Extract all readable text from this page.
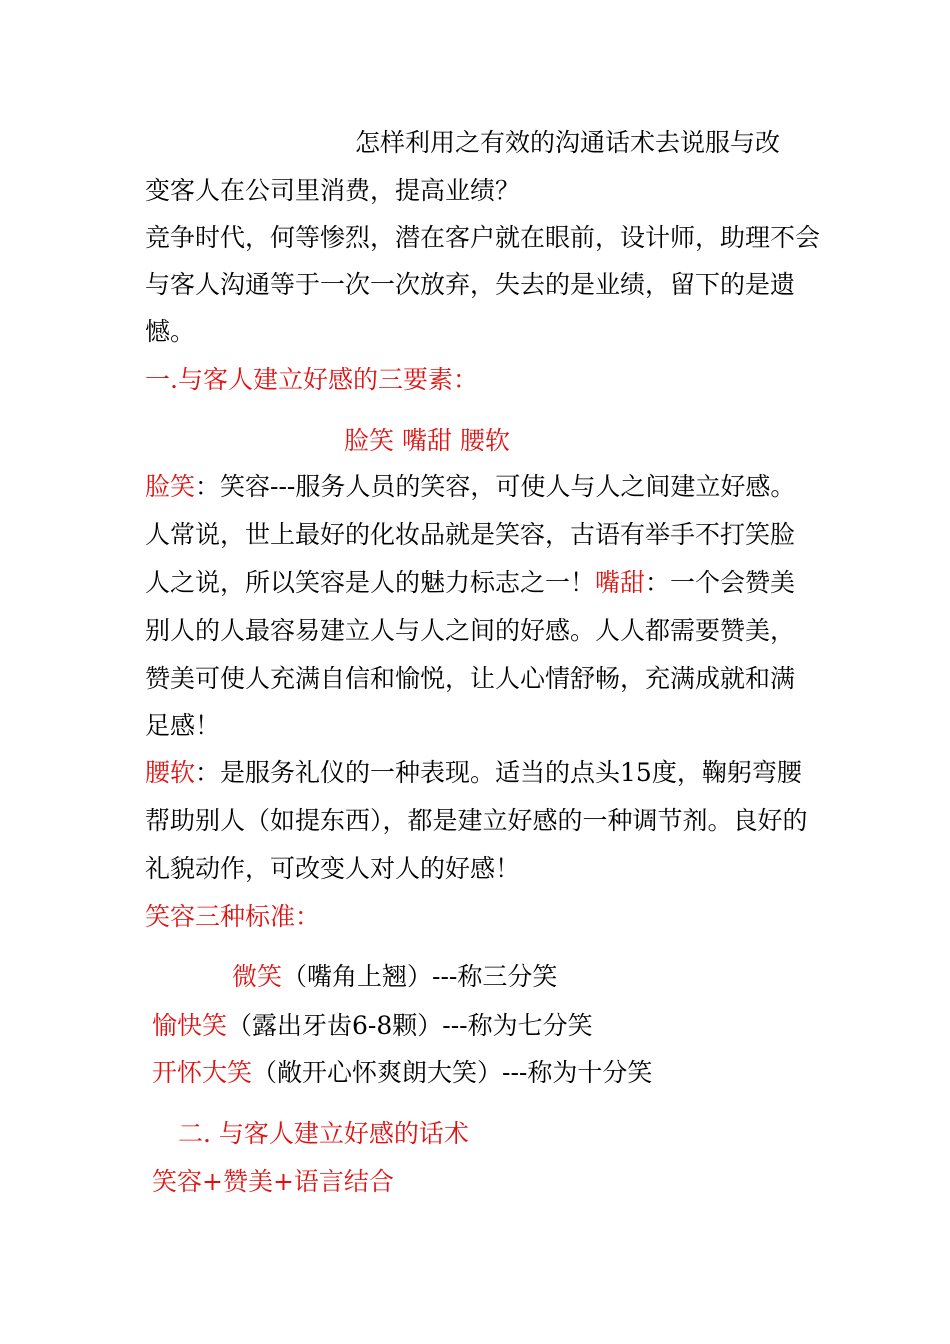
怎样利用之有效的沟通话术去说服与改
变客人在公司里消费，提高业绩？
竞争时代，何等惨烈，潜在客户就在眼前，设计师，助理不会
与客人沟通等于一次一次放弃，失去的是业绩，留下的是遗
憾。
一.与客人建立好感的三要素：
脸笑 嘴甜 腰软
脸笑：笑容---服务人员的笑容，可使人与人之间建立好感。
人常说，世上最好的化妆品就是笑容，古语有举手不打笑脸
人之说，所以笑容是人的魅力标志之一！嘴甜：一个会赞美
别人的人最容易建立人与人之间的好感。人人都需要赞美，
赞美可使人充满自信和愉悦，让人心情舒畅，充满成就和满
足感！
腰软：是服务礼仪的一种表现。适当的点头15度，鞠躬弯腰
帮助别人（如提东西），都是建立好感的一种调节剂。良好的
礼貌动作，可改变人对人的好感！
笑容三种标准：
微笑（嘴角上翘）---称三分笑
愉快笑（露出牙齿6-8颗）---称为七分笑
开怀大笑（敞开心怀爽朗大笑）---称为十分笑
二. 与客人建立好感的话术
笑容+赞美+语言结合
